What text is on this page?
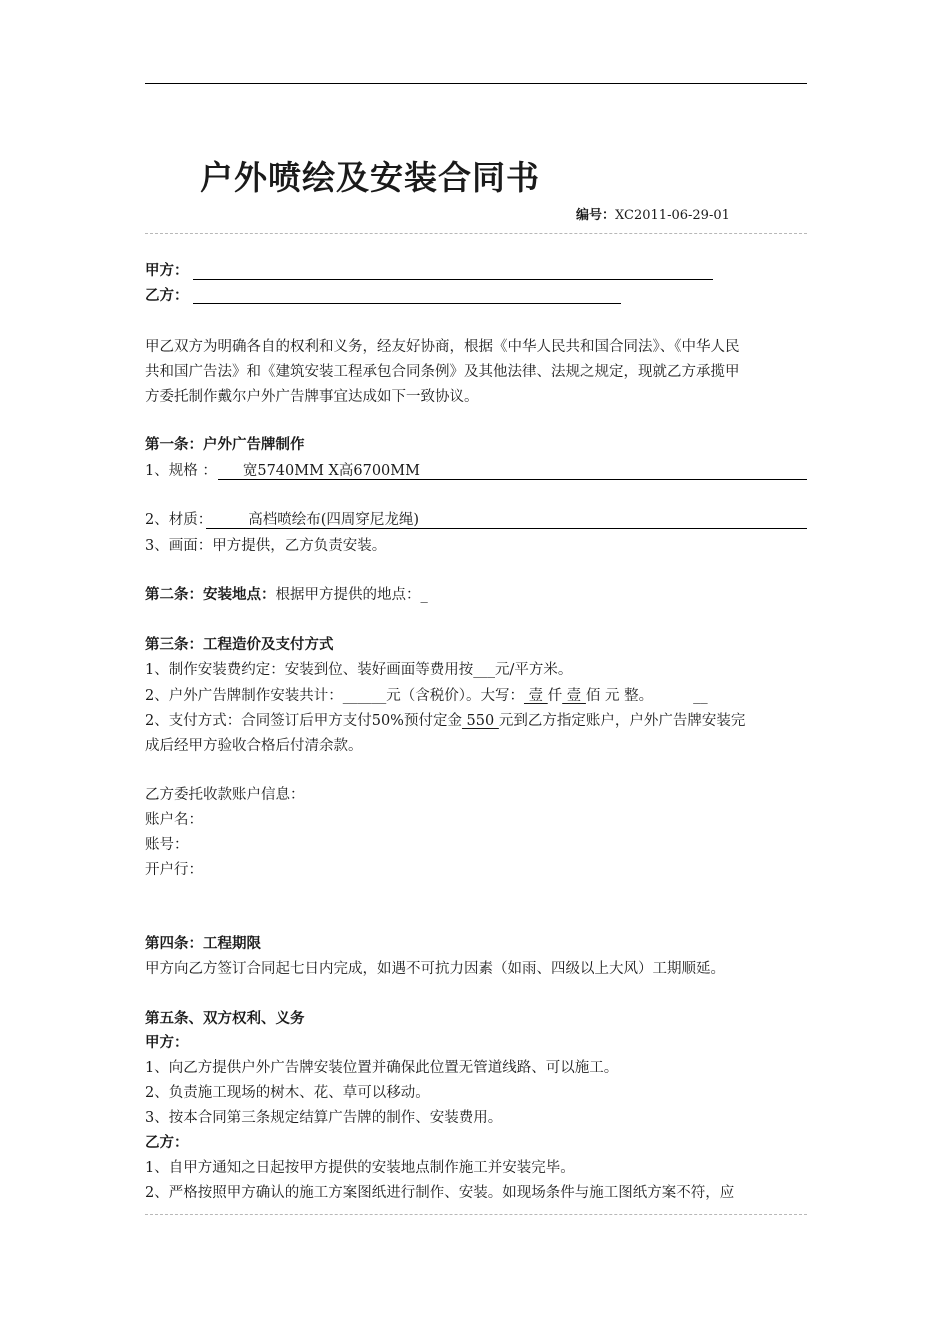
户外喷绘及安装合同书
编号：XC2011-06-29-01
甲方：
乙方：
甲乙双方为明确各自的权利和义务，经友好协商，根据《中华人民共和国合同法》、《中华人民
共和国广告法》和《建筑安装工程承包合同条例》及其他法律、法规之规定，现就乙方承揽甲
方委托制作戴尔户外广告牌事宜达成如下一致协议。
第一条：户外广告牌制作
1、规格 ： 宽5740MM X高6700MM
2、材质： 高档喷绘布(四周穿尼龙绳)
3、画面：甲方提供，乙方负责安装。
第二条：安装地点：根据甲方提供的地点：_
第三条：工程造价及支付方式
1、制作安装费约定：安装到位、装好画面等费用按___元/平方米。
2、户外广告牌制作安装共计：______元（含税价）。大写： 壹 仟 壹 佰 元 整。	__
2、支付方式：合同签订后甲方支付50%预付定金 550 元到乙方指定账户，户外广告牌安装完
成后经甲方验收合格后付清余款。
乙方委托收款账户信息：
账户名：
账号：
开户行：
第四条：工程期限
甲方向乙方签订合同起七日内完成，如遇不可抗力因素（如雨、四级以上大风）工期顺延。
第五条、双方权利、义务
甲方：
1、向乙方提供户外广告牌安装位置并确保此位置无管道线路、可以施工。
2、负责施工现场的树木、花、草可以移动。
3、按本合同第三条规定结算广告牌的制作、安装费用。
乙方：
1、自甲方通知之日起按甲方提供的安装地点制作施工并安装完毕。
2、严格按照甲方确认的施工方案图纸进行制作、安装。如现场条件与施工图纸方案不符，应
